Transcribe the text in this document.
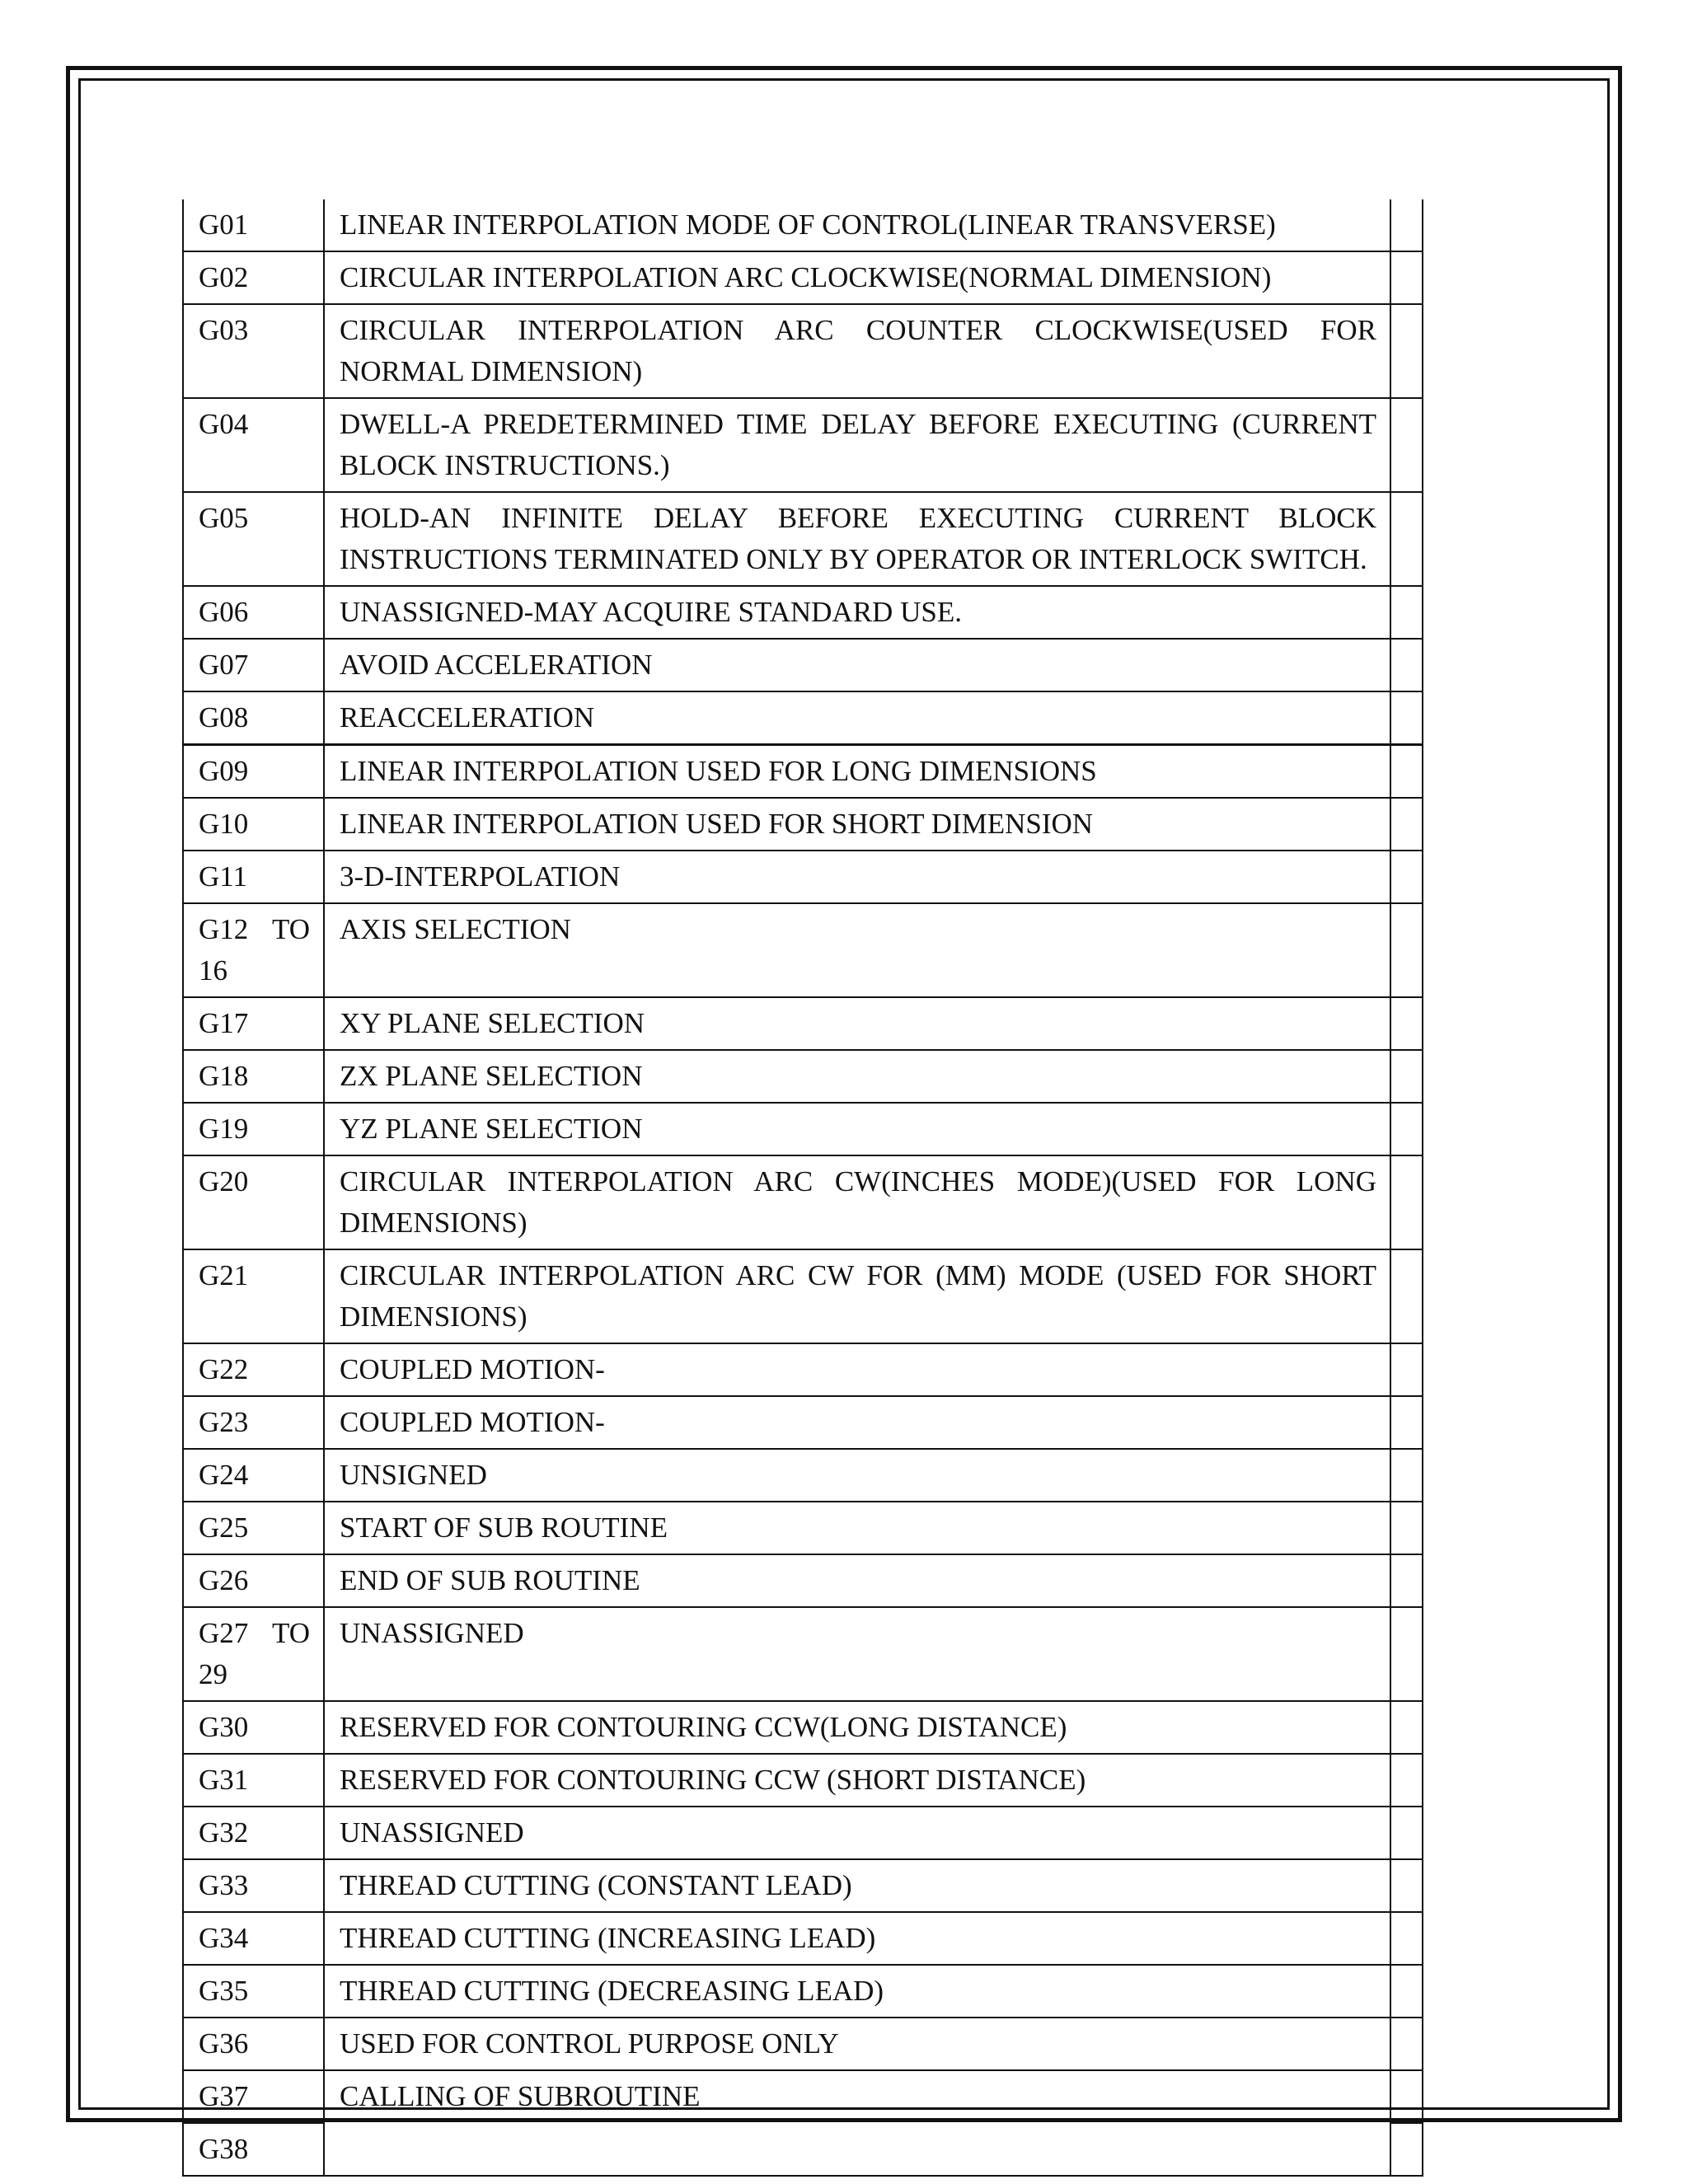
G01	LINEAR INTERPOLATION MODE OF CONTROL(LINEAR TRANSVERSE)	
G02	CIRCULAR INTERPOLATION ARC CLOCKWISE(NORMAL DIMENSION)	
G03	CIRCULAR INTERPOLATION ARC COUNTER CLOCKWISE(USED FOR NORMAL DIMENSION)	
G04	DWELL-A PREDETERMINED TIME DELAY BEFORE EXECUTING (CURRENT BLOCK INSTRUCTIONS.)	
G05	HOLD-AN INFINITE DELAY BEFORE EXECUTING CURRENT BLOCK INSTRUCTIONS TERMINATED ONLY BY OPERATOR OR INTERLOCK SWITCH.	
G06	UNASSIGNED-MAY ACQUIRE STANDARD USE.	
G07	AVOID ACCELERATION	
G08	REACCELERATION	
G09	LINEAR INTERPOLATION USED FOR LONG DIMENSIONS	
G10	LINEAR INTERPOLATION USED FOR SHORT DIMENSION	
G11	3-D-INTERPOLATION	
G12 TO 16	AXIS SELECTION	
G17	XY PLANE SELECTION	
G18	ZX PLANE SELECTION	
G19	YZ PLANE SELECTION	
G20	CIRCULAR INTERPOLATION ARC CW(INCHES MODE)(USED FOR LONG DIMENSIONS)	
G21	CIRCULAR INTERPOLATION ARC CW FOR (MM) MODE (USED FOR SHORT DIMENSIONS)	
G22	COUPLED MOTION-	
G23	COUPLED MOTION-	
G24	UNSIGNED	
G25	START OF SUB ROUTINE	
G26	END OF SUB ROUTINE	
G27 TO 29	UNASSIGNED	
G30	RESERVED FOR CONTOURING CCW(LONG DISTANCE)	
G31	RESERVED FOR CONTOURING CCW (SHORT DISTANCE)	
G32	UNASSIGNED	
G33	THREAD CUTTING (CONSTANT LEAD)	
G34	THREAD CUTTING (INCREASING LEAD)	
G35	THREAD CUTTING (DECREASING LEAD)	
G36	USED FOR CONTROL PURPOSE ONLY	
G37	CALLING OF SUBROUTINE	
G38		
